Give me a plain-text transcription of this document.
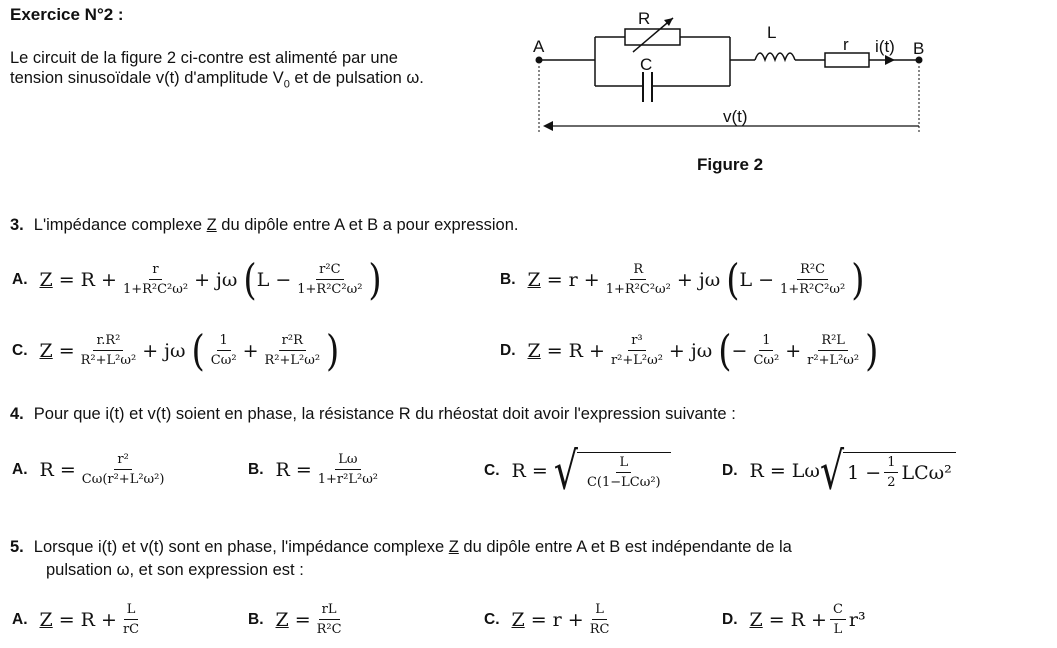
Exercice N°2 :
Le circuit de la figure 2 ci-contre est alimenté par une
tension sinusoïdale v(t) d'amplitude $V_0$ et de pulsation ω.
A	B
R
C
L
r i(t)
v(t)
Figure 2
3. L'impédance complexe Z du dipôle entre A et B a pour expression.
A. $Z = R + \frac{r}{\text{1+R²C²ω²}} + j\omega$ ( $L - \frac{\text{r²C}}{\text{1+R²C²ω²}}$ )	B. $Z = r + \frac{R}{\text{1+R²C²ω²}} + j\omega$ ( $L - \frac{\text{R²C}}{\text{1+R²C²ω²}}$ )
C. $Z = \frac{\text{r.R²}}{\text{R²+L²ω²}} + j\omega$ ( $\frac{1}{\text{Cω²}} + \frac{\text{r²R}}{\text{R²+L²ω²}}$ )	D. $Z = R + \frac{\text{r³}}{\text{r²+L²ω²}} + j\omega$ ( − $\frac{1}{\text{Cω²}} + \frac{\text{R²L}}{\text{r²+L²ω²}}$ )
4. Pour que i(t) et v(t) soient en phase, la résistance R du rhéostat doit avoir l'expression suivante :
A. $R = \frac{\text{r²}}{\text{Cω(r²+L²ω²)}}$	B. $R = \frac{L\omega}{\text{1+r²L²ω²}}$	C. R = √ $\frac{L}{\text{C(1−LCω²)}}$	D. R = Lω √ $1 - \frac{1}{2} LC\omega^2$
5. Lorsque i(t) et v(t) sont en phase, l'impédance complexe Z du dipôle entre A et B est indépendante de la
pulsation ω, et son expression est :
A. $Z = R + \frac{L}{rC}$	B. $Z = \frac{rL}{\text{R²C}}$	C. $Z = r + \frac{L}{RC}$	D. $Z = R + \frac{C}{L} r^3$
